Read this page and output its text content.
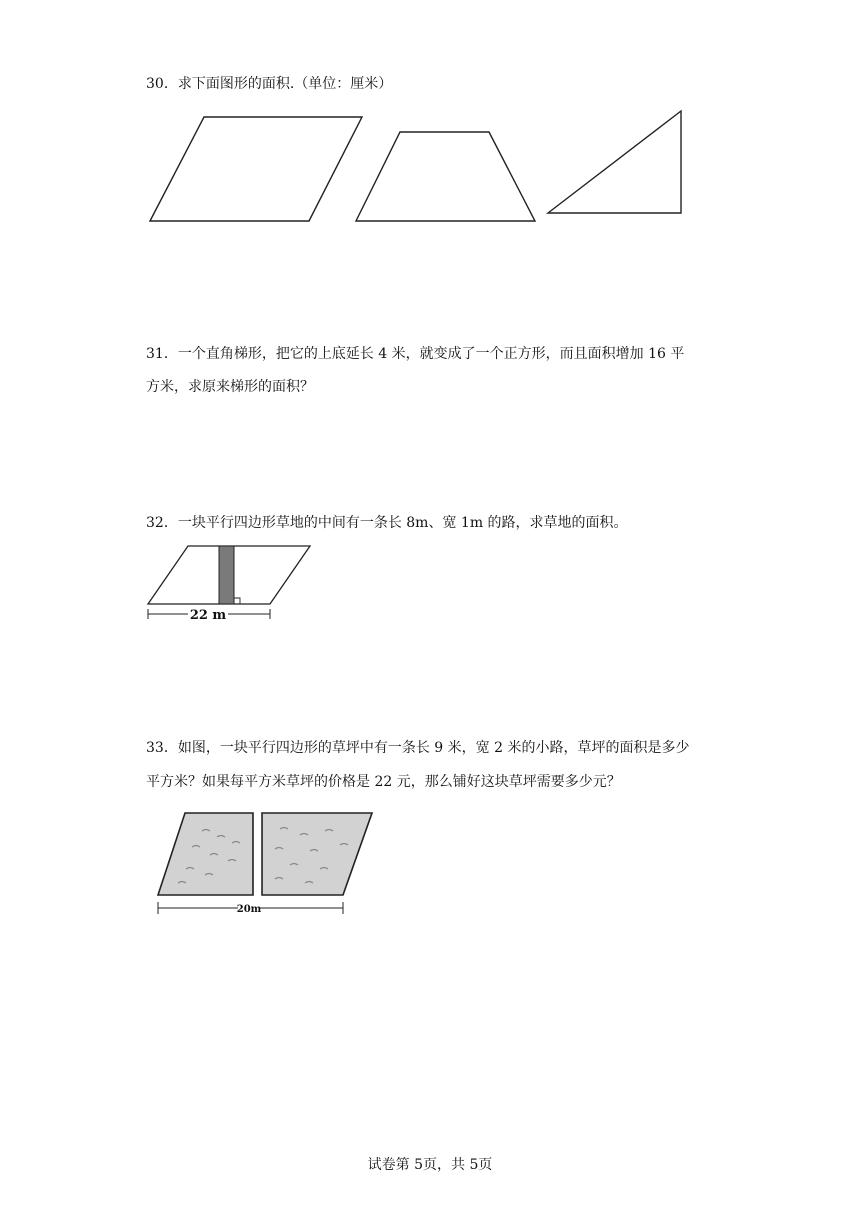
30．求下面图形的面积.（单位：厘米）
31．一个直角梯形，把它的上底延长 4 米，就变成了一个正方形，而且面积增加 16 平
方米，求原来梯形的面积？
32．一块平行四边形草地的中间有一条长 8m、宽 1m 的路，求草地的面积。
22 m
33．如图，一块平行四边形的草坪中有一条长 9 米，宽 2 米的小路，草坪的面积是多少
平方米？如果每平方米草坪的价格是 22 元，那么铺好这块草坪需要多少元？
20m
试卷第 5页，共 5页
